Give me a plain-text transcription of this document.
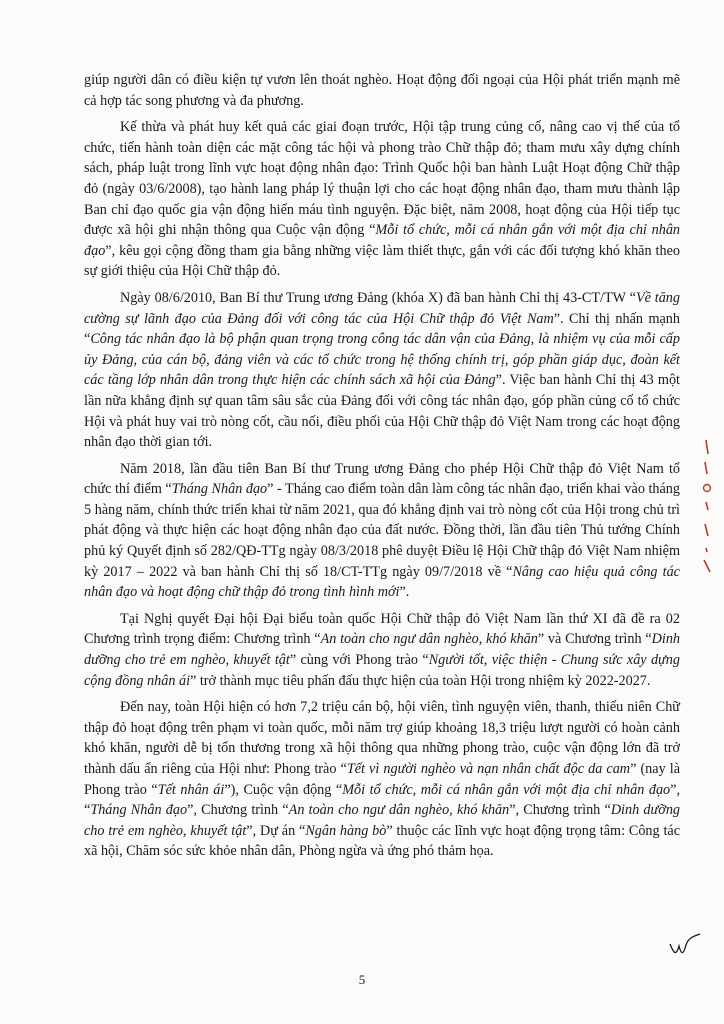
giúp người dân có điều kiện tự vươn lên thoát nghèo. Hoạt động đối ngoại của Hội phát triển mạnh mẽ cả hợp tác song phương và đa phương.

Kế thừa và phát huy kết quả các giai đoạn trước, Hội tập trung củng cố, nâng cao vị thế của tổ chức, tiến hành toàn diện các mặt công tác hội và phong trào Chữ thập đỏ; tham mưu xây dựng chính sách, pháp luật trong lĩnh vực hoạt động nhân đạo: Trình Quốc hội ban hành Luật Hoạt động Chữ thập đỏ (ngày 03/6/2008), tạo hành lang pháp lý thuận lợi cho các hoạt động nhân đạo, tham mưu thành lập Ban chỉ đạo quốc gia vận động hiến máu tình nguyện. Đặc biệt, năm 2008, hoạt động của Hội tiếp tục được xã hội ghi nhận thông qua Cuộc vận động “Mỗi tổ chức, mỗi cá nhân gắn với một địa chỉ nhân đạo”, kêu gọi cộng đồng tham gia bằng những việc làm thiết thực, gắn với các đối tượng khó khăn theo sự giới thiệu của Hội Chữ thập đỏ.

Ngày 08/6/2010, Ban Bí thư Trung ương Đảng (khóa X) đã ban hành Chỉ thị 43-CT/TW “Về tăng cường sự lãnh đạo của Đảng đối với công tác của Hội Chữ thập đỏ Việt Nam”. Chỉ thị nhấn mạnh “Công tác nhân đạo là bộ phận quan trọng trong công tác dân vận của Đảng, là nhiệm vụ của mỗi cấp ủy Đảng, của cán bộ, đảng viên và các tổ chức trong hệ thống chính trị, góp phần giáp dục, đoàn kết các tầng lớp nhân dân trong thực hiện các chính sách xã hội của Đảng”. Việc ban hành Chỉ thị 43 một lần nữa khẳng định sự quan tâm sâu sắc của Đảng đối với công tác nhân đạo, góp phần củng cố tổ chức Hội và phát huy vai trò nòng cốt, cầu nối, điều phối của Hội Chữ thập đỏ Việt Nam trong các hoạt động nhân đạo thời gian tới.

Năm 2018, lần đầu tiên Ban Bí thư Trung ương Đảng cho phép Hội Chữ thập đỏ Việt Nam tổ chức thí điểm “Tháng Nhân đạo” - Tháng cao điểm toàn dân làm công tác nhân đạo, triển khai vào tháng 5 hàng năm, chính thức triển khai từ năm 2021, qua đó khẳng định vai trò nòng cốt của Hội trong chủ trì phát động và thực hiện các hoạt động nhân đạo của đất nước. Đồng thời, lần đầu tiên Thủ tướng Chính phủ ký Quyết định số 282/QĐ-TTg ngày 08/3/2018 phê duyệt Điều lệ Hội Chữ thập đỏ Việt Nam nhiệm kỳ 2017 – 2022 và ban hành Chỉ thị số 18/CT-TTg ngày 09/7/2018 về “Nâng cao hiệu quả công tác nhân đạo và hoạt động chữ thập đỏ trong tình hình mới”.

Tại Nghị quyết Đại hội Đại biểu toàn quốc Hội Chữ thập đỏ Việt Nam lần thứ XI đã đề ra 02 Chương trình trọng điểm: Chương trình “An toàn cho ngư dân nghèo, khó khăn” và Chương trình “Dinh dưỡng cho trẻ em nghèo, khuyết tật” cùng với Phong trào “Người tốt, việc thiện - Chung sức xây dựng cộng đồng nhân ái” trở thành mục tiêu phấn đấu thực hiện của toàn Hội trong nhiệm kỳ 2022-2027.

Đến nay, toàn Hội hiện có hơn 7,2 triệu cán bộ, hội viên, tình nguyện viên, thanh, thiếu niên Chữ thập đỏ hoạt động trên phạm vi toàn quốc, mỗi năm trợ giúp khoảng 18,3 triệu lượt người có hoàn cảnh khó khăn, người dễ bị tổn thương trong xã hội thông qua những phong trào, cuộc vận động lớn đã trở thành dấu ấn riêng của Hội như: Phong trào “Tết vì người nghèo và nạn nhân chất độc da cam” (nay là Phong trào “Tết nhân ái”), Cuộc vận động “Mỗi tổ chức, mỗi cá nhân gắn với một địa chỉ nhân đạo”, “Tháng Nhân đạo”, Chương trình “An toàn cho ngư dân nghèo, khó khăn”, Chương trình “Dinh dưỡng cho trẻ em nghèo, khuyết tật”, Dự án “Ngân hàng bò” thuộc các lĩnh vực hoạt động trọng tâm: Công tác xã hội, Chăm sóc sức khỏe nhân dân, Phòng ngừa và ứng phó thảm họa.

5
